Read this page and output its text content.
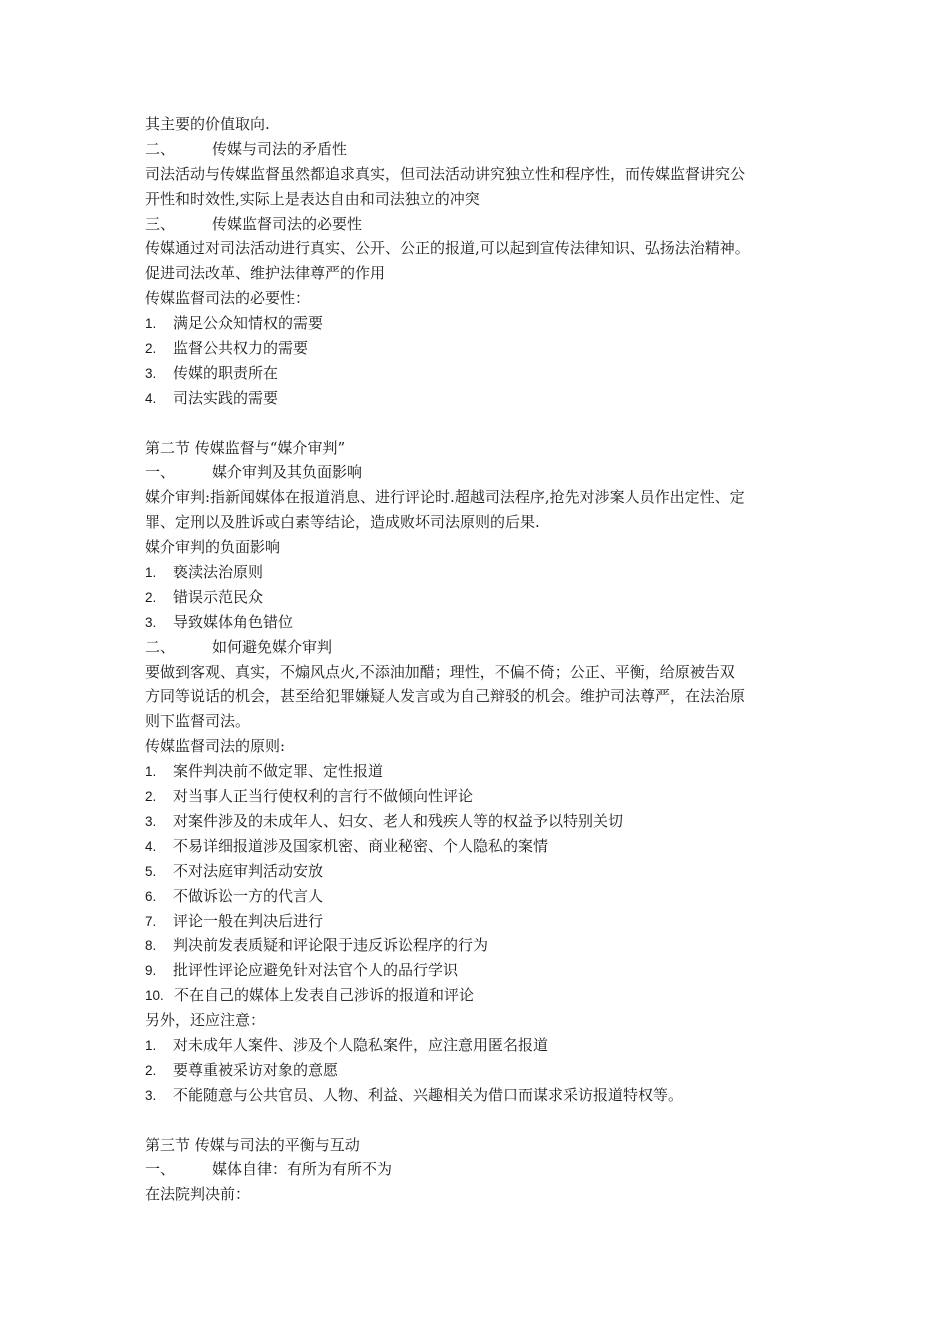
其主要的价值取向.
二、 传媒与司法的矛盾性
司法活动与传媒监督虽然都追求真实，但司法活动讲究独立性和程序性，而传媒监督讲究公
开性和时效性,实际上是表达自由和司法独立的冲突
三、 传媒监督司法的必要性
传媒通过对司法活动进行真实、公开、公正的报道,可以起到宣传法律知识、弘扬法治精神。
促进司法改革、维护法律尊严的作用
传媒监督司法的必要性：
1. 满足公众知情权的需要
2. 监督公共权力的需要
3. 传媒的职责所在
4. 司法实践的需要
第二节 传媒监督与“媒介审判”
一、 媒介审判及其负面影响
媒介审判:指新闻媒体在报道消息、进行评论时.超越司法程序,抢先对涉案人员作出定性、定
罪、定刑以及胜诉或白素等结论，造成败坏司法原则的后果.
媒介审判的负面影响
1. 亵渎法治原则
2. 错误示范民众
3. 导致媒体角色错位
二、 如何避免媒介审判
要做到客观、真实，不煽风点火,不添油加醋；理性，不偏不倚；公正、平衡，给原被告双
方同等说话的机会，甚至给犯罪嫌疑人发言或为自己辩驳的机会。维护司法尊严，在法治原
则下监督司法。
传媒监督司法的原则:
1. 案件判决前不做定罪、定性报道
2. 对当事人正当行使权利的言行不做倾向性评论
3. 对案件涉及的未成年人、妇女、老人和残疾人等的权益予以特别关切
4. 不易详细报道涉及国家机密、商业秘密、个人隐私的案情
5. 不对法庭审判活动安放
6. 不做诉讼一方的代言人
7. 评论一般在判决后进行
8. 判决前发表质疑和评论限于违反诉讼程序的行为
9. 批评性评论应避免针对法官个人的品行学识
10. 不在自己的媒体上发表自己涉诉的报道和评论
另外，还应注意：
1. 对未成年人案件、涉及个人隐私案件，应注意用匿名报道
2. 要尊重被采访对象的意愿
3. 不能随意与公共官员、人物、利益、兴趣相关为借口而谋求采访报道特权等。
第三节 传媒与司法的平衡与互动
一、 媒体自律：有所为有所不为
在法院判决前：
